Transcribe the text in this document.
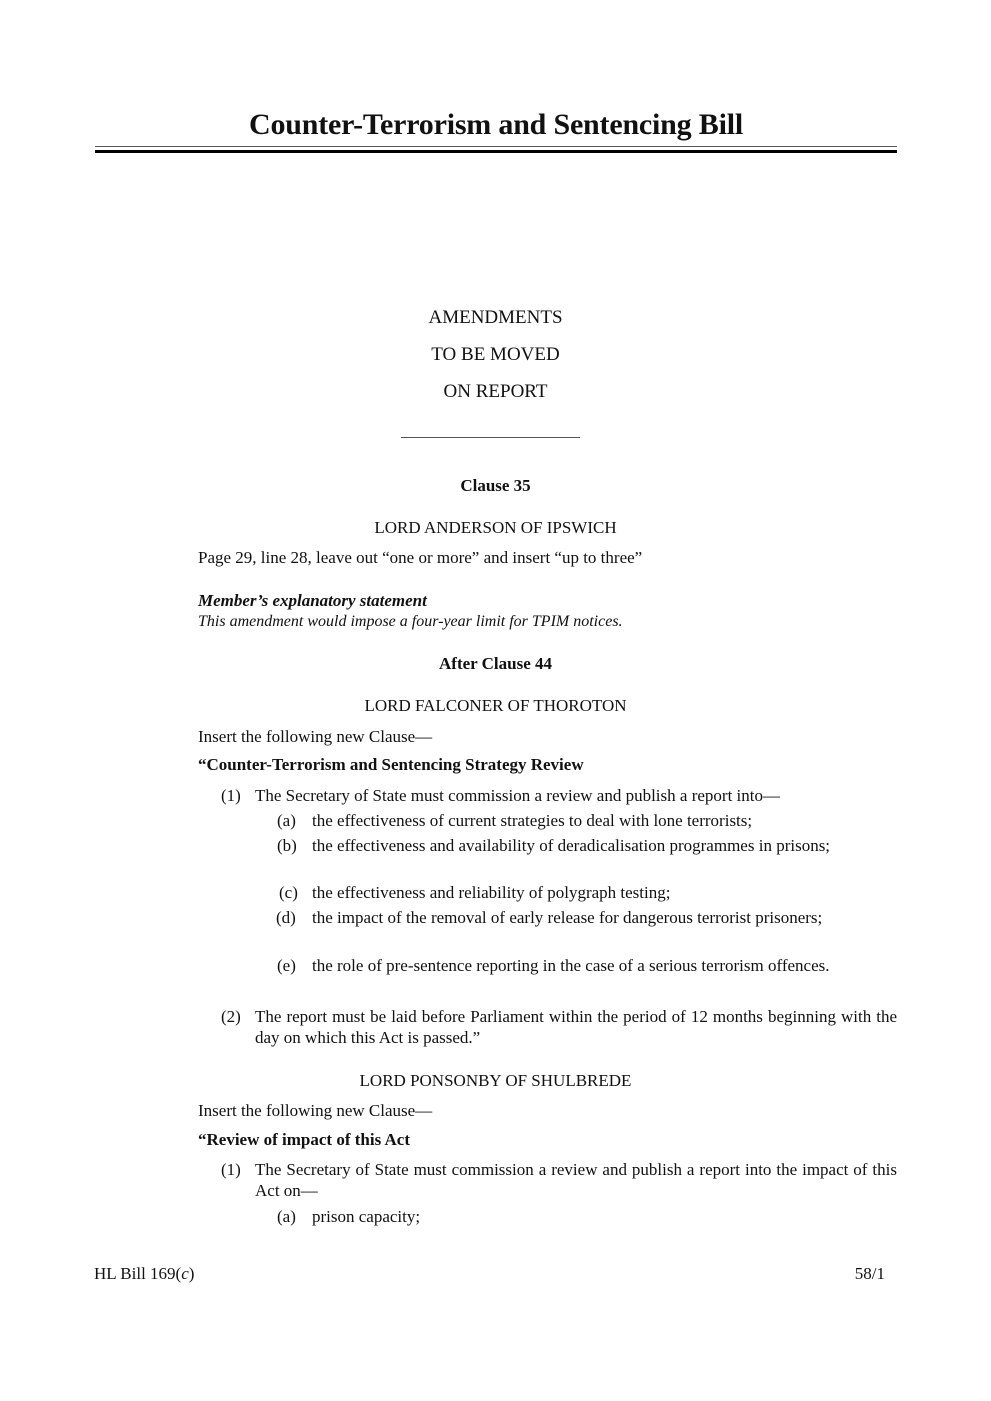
Counter-Terrorism and Sentencing Bill
AMENDMENTS
TO BE MOVED
ON REPORT
Clause 35
LORD ANDERSON OF IPSWICH
Page 29, line 28, leave out “one or more” and insert “up to three”
Member’s explanatory statement
This amendment would impose a four-year limit for TPIM notices.
After Clause 44
LORD FALCONER OF THOROTON
Insert the following new Clause—
“Counter-Terrorism and Sentencing Strategy Review
(1) The Secretary of State must commission a review and publish a report into—
(a) the effectiveness of current strategies to deal with lone terrorists;
(b) the effectiveness and availability of deradicalisation programmes in prisons;
(c) the effectiveness and reliability of polygraph testing;
(d) the impact of the removal of early release for dangerous terrorist prisoners;
(e) the role of pre-sentence reporting in the case of a serious terrorism offences.
(2) The report must be laid before Parliament within the period of 12 months beginning with the day on which this Act is passed.”
LORD PONSONBY OF SHULBREDE
Insert the following new Clause—
“Review of impact of this Act
(1) The Secretary of State must commission a review and publish a report into the impact of this Act on—
(a) prison capacity;
HL Bill 169(c)	58/1
